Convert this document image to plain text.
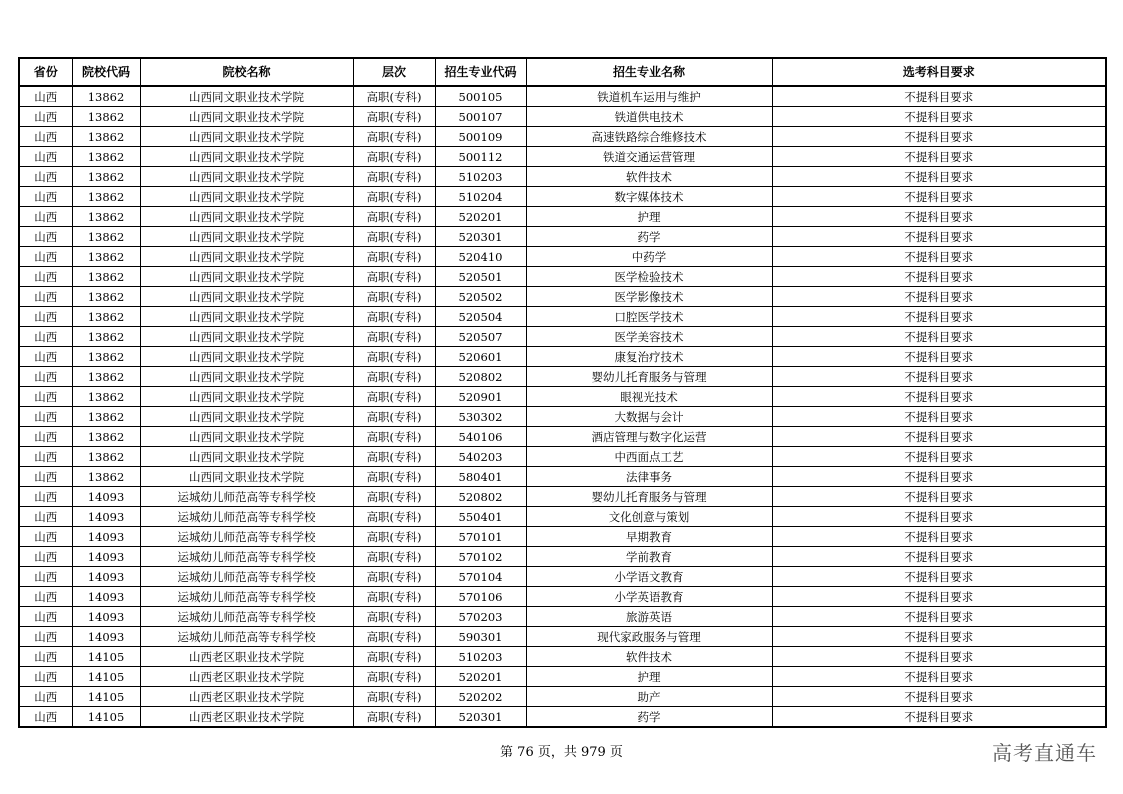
省份	院校代码	院校名称	层次	招生专业代码	招生专业名称	选考科目要求
山西	13862	山西同文职业技术学院	高职(专科)	500105	铁道机车运用与维护	不提科目要求
山西	13862	山西同文职业技术学院	高职(专科)	500107	铁道供电技术	不提科目要求
山西	13862	山西同文职业技术学院	高职(专科)	500109	高速铁路综合维修技术	不提科目要求
山西	13862	山西同文职业技术学院	高职(专科)	500112	铁道交通运营管理	不提科目要求
山西	13862	山西同文职业技术学院	高职(专科)	510203	软件技术	不提科目要求
山西	13862	山西同文职业技术学院	高职(专科)	510204	数字媒体技术	不提科目要求
山西	13862	山西同文职业技术学院	高职(专科)	520201	护理	不提科目要求
山西	13862	山西同文职业技术学院	高职(专科)	520301	药学	不提科目要求
山西	13862	山西同文职业技术学院	高职(专科)	520410	中药学	不提科目要求
山西	13862	山西同文职业技术学院	高职(专科)	520501	医学检验技术	不提科目要求
山西	13862	山西同文职业技术学院	高职(专科)	520502	医学影像技术	不提科目要求
山西	13862	山西同文职业技术学院	高职(专科)	520504	口腔医学技术	不提科目要求
山西	13862	山西同文职业技术学院	高职(专科)	520507	医学美容技术	不提科目要求
山西	13862	山西同文职业技术学院	高职(专科)	520601	康复治疗技术	不提科目要求
山西	13862	山西同文职业技术学院	高职(专科)	520802	婴幼儿托育服务与管理	不提科目要求
山西	13862	山西同文职业技术学院	高职(专科)	520901	眼视光技术	不提科目要求
山西	13862	山西同文职业技术学院	高职(专科)	530302	大数据与会计	不提科目要求
山西	13862	山西同文职业技术学院	高职(专科)	540106	酒店管理与数字化运营	不提科目要求
山西	13862	山西同文职业技术学院	高职(专科)	540203	中西面点工艺	不提科目要求
山西	13862	山西同文职业技术学院	高职(专科)	580401	法律事务	不提科目要求
山西	14093	运城幼儿师范高等专科学校	高职(专科)	520802	婴幼儿托育服务与管理	不提科目要求
山西	14093	运城幼儿师范高等专科学校	高职(专科)	550401	文化创意与策划	不提科目要求
山西	14093	运城幼儿师范高等专科学校	高职(专科)	570101	早期教育	不提科目要求
山西	14093	运城幼儿师范高等专科学校	高职(专科)	570102	学前教育	不提科目要求
山西	14093	运城幼儿师范高等专科学校	高职(专科)	570104	小学语文教育	不提科目要求
山西	14093	运城幼儿师范高等专科学校	高职(专科)	570106	小学英语教育	不提科目要求
山西	14093	运城幼儿师范高等专科学校	高职(专科)	570203	旅游英语	不提科目要求
山西	14093	运城幼儿师范高等专科学校	高职(专科)	590301	现代家政服务与管理	不提科目要求
山西	14105	山西老区职业技术学院	高职(专科)	510203	软件技术	不提科目要求
山西	14105	山西老区职业技术学院	高职(专科)	520201	护理	不提科目要求
山西	14105	山西老区职业技术学院	高职(专科)	520202	助产	不提科目要求
山西	14105	山西老区职业技术学院	高职(专科)	520301	药学	不提科目要求
第 76 页，共 979 页	高考直通车
